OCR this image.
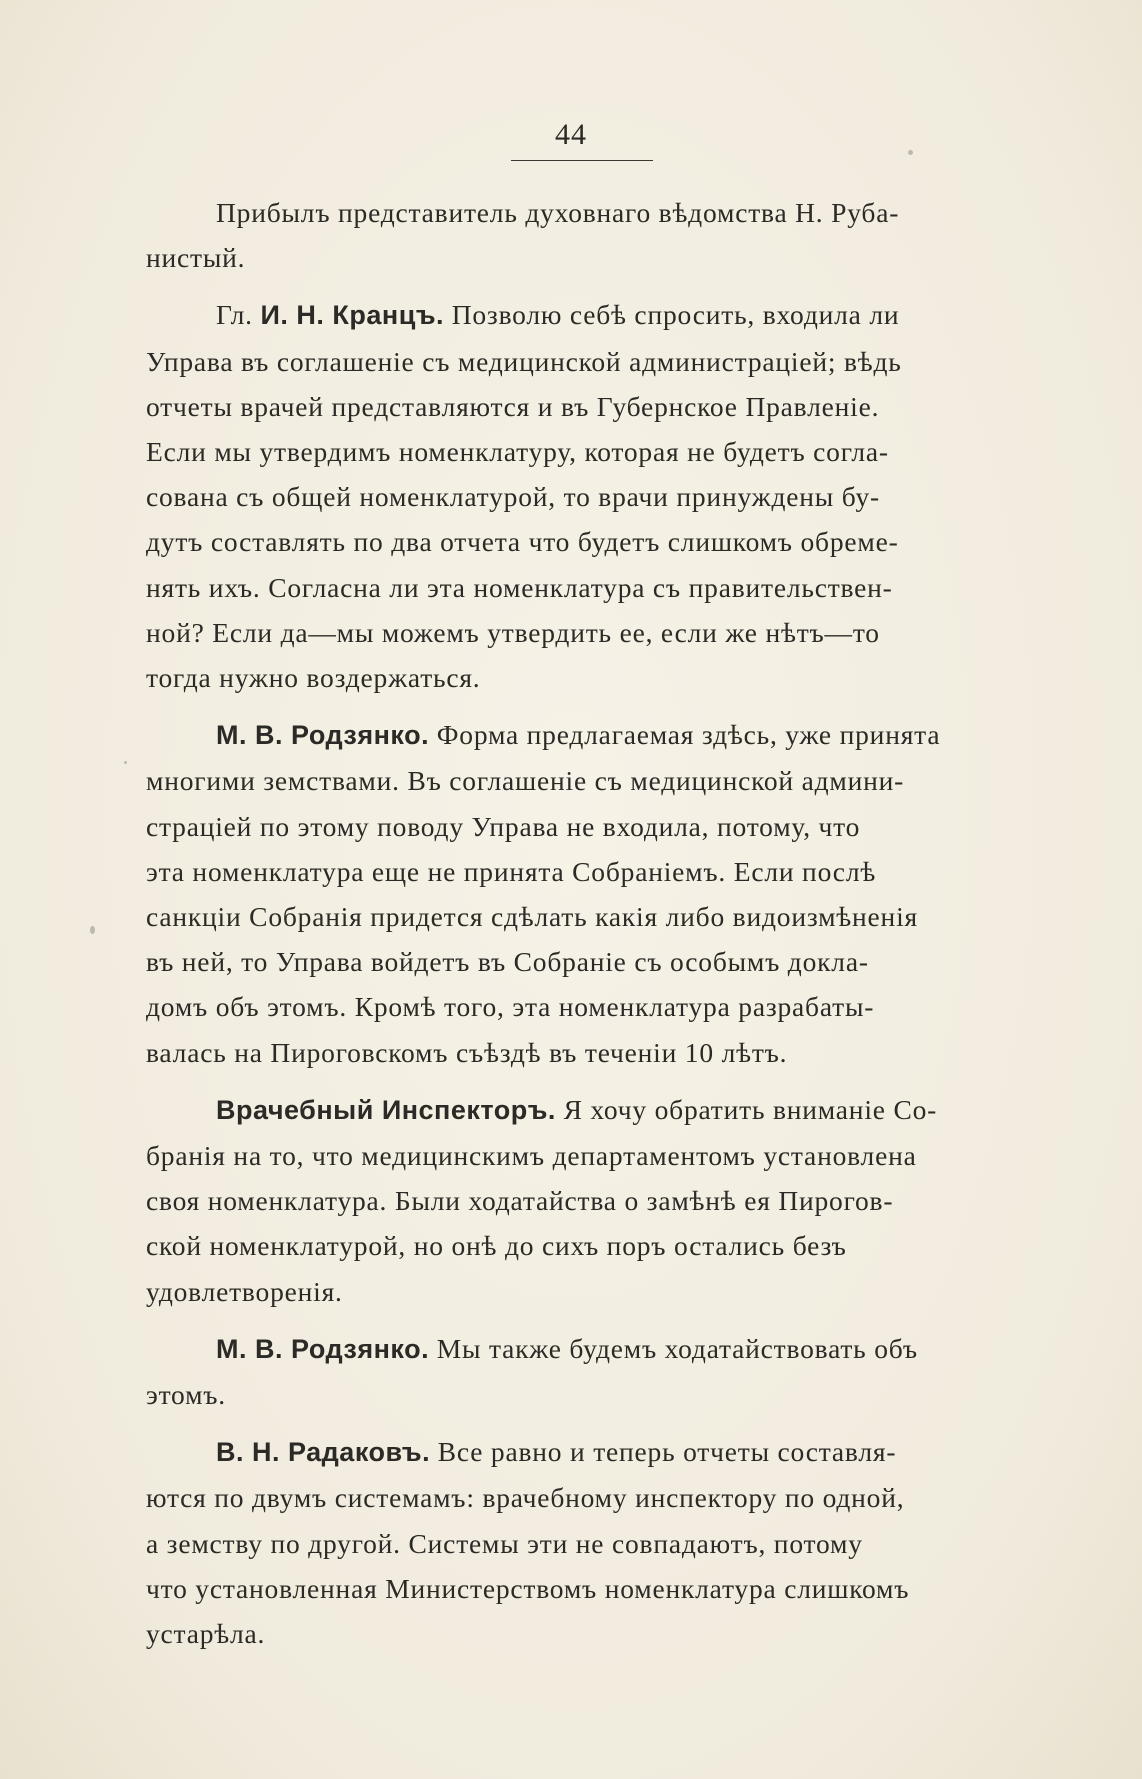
44

Прибылъ представитель духовнаго вѣдомства Н. Руба-
нистый.

Гл. И. Н. Кранцъ. Позволю себѣ спросить, входила ли
Управа въ соглашеніе съ медицинской администраціей; вѣдь
отчеты врачей представляются и въ Губернское Правленіе.
Если мы утвердимъ номенклатуру, которая не будетъ согла-
сована съ общей номенклатурой, то врачи принуждены бу-
дутъ составлять по два отчета что будетъ слишкомъ обреме-
нять ихъ. Согласна ли эта номенклатура съ правительствен-
ной? Если да—мы можемъ утвердить ее, если же нѣтъ—то
тогда нужно воздержаться.

М. В. Родзянко. Форма предлагаемая здѣсь, уже принята
многими земствами. Въ соглашеніе съ медицинской админи-
страціей по этому поводу Управа не входила, потому, что
эта номенклатура еще не принята Собраніемъ. Если послѣ
санкціи Собранія придется сдѣлать какія либо видоизмѣненія
въ ней, то Управа войдетъ въ Собраніе съ особымъ докла-
домъ объ этомъ. Кромѣ того, эта номенклатура разрабаты-
валась на Пироговскомъ съѣздѣ въ теченіи 10 лѣтъ.

Врачебный Инспекторъ. Я хочу обратить вниманіе Со-
бранія на то, что медицинскимъ департаментомъ установлена
своя номенклатура. Были ходатайства о замѣнѣ ея Пирогов-
ской номенклатурой, но онѣ до сихъ поръ остались безъ
удовлетворенія.

М. В. Родзянко. Мы также будемъ ходатайствовать объ
этомъ.

В. Н. Радаковъ. Все равно и теперь отчеты составля-
ются по двумъ системамъ: врачебному инспектору по одной,
а земству по другой. Системы эти не совпадаютъ, потому
что установленная Министерствомъ номенклатура слишкомъ
устарѣла.
